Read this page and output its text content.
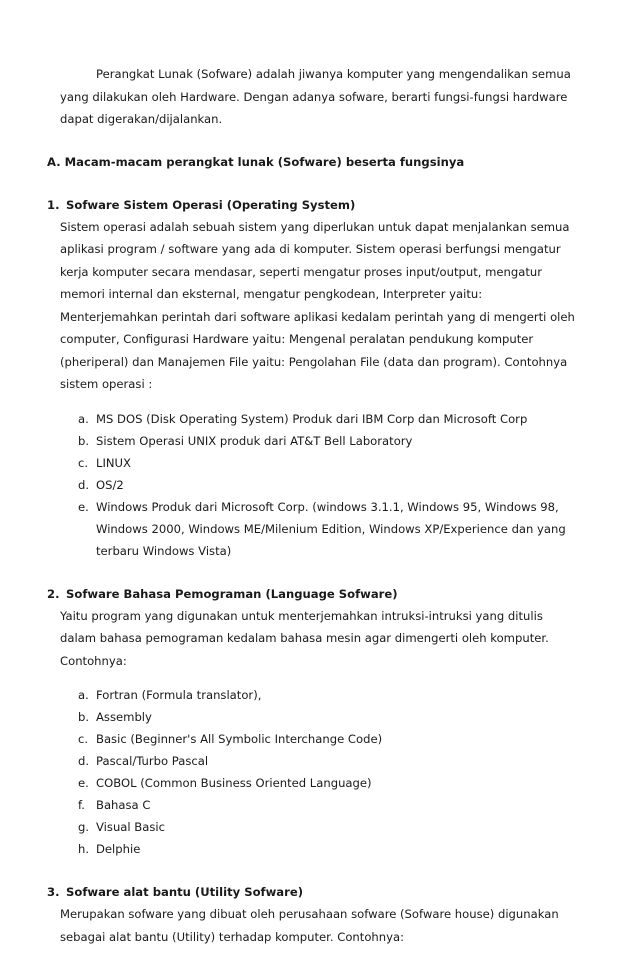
Perangkat Lunak (Sofware) adalah jiwanya komputer yang mengendalikan semua yang dilakukan oleh Hardware. Dengan adanya sofware, berarti fungsi-fungsi hardware dapat digerakan/dijalankan.

A. Macam-macam perangkat lunak (Sofware) beserta fungsinya

1. Sofware Sistem Operasi (Operating System)

Sistem operasi adalah sebuah sistem yang diperlukan untuk dapat menjalankan semua aplikasi program / software yang ada di komputer. Sistem operasi berfungsi mengatur kerja komputer secara mendasar, seperti mengatur proses input/output, mengatur memori internal dan eksternal, mengatur pengkodean, Interpreter yaitu: Menterjemahkan perintah dari software aplikasi kedalam perintah yang di mengerti oleh computer, Configurasi Hardware yaitu: Mengenal peralatan pendukung komputer (pheriperal) dan Manajemen File yaitu: Pengolahan File (data dan program). Contohnya sistem operasi :

a. MS DOS (Disk Operating System) Produk dari IBM Corp dan Microsoft Corp
b. Sistem Operasi UNIX produk dari AT&T Bell Laboratory
c. LINUX
d. OS/2
e. Windows Produk dari Microsoft Corp. (windows 3.1.1, Windows 95, Windows 98, Windows 2000, Windows ME/Milenium Edition, Windows XP/Experience dan yang terbaru Windows Vista)

2. Sofware Bahasa Pemograman (Language Sofware)

Yaitu program yang digunakan untuk menterjemahkan intruksi-intruksi yang ditulis dalam bahasa pemograman kedalam bahasa mesin agar dimengerti oleh komputer. Contohnya:

a. Fortran (Formula translator),
b. Assembly
c. Basic (Beginner's All Symbolic Interchange Code)
d. Pascal/Turbo Pascal
e. COBOL (Common Business Oriented Language)
f. Bahasa C
g. Visual Basic
h. Delphie

3. Sofware alat bantu (Utility Sofware)

Merupakan sofware yang dibuat oleh perusahaan sofware (Sofware house) digunakan sebagai alat bantu (Utility) terhadap komputer. Contohnya:
